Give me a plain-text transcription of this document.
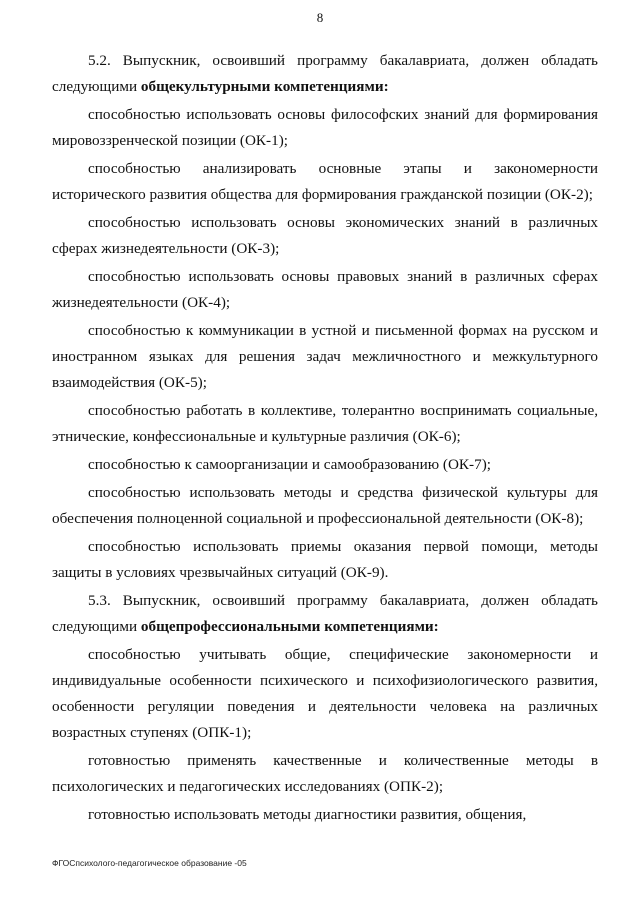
8

5.2. Выпускник, освоивший программу бакалавриата, должен обладать следующими общекультурными компетенциями:

способностью использовать основы философских знаний для формирования мировоззренческой позиции (ОК-1);

способностью анализировать основные этапы и закономерности исторического развития общества для формирования гражданской позиции (ОК-2);

способностью использовать основы экономических знаний в различных сферах жизнедеятельности (ОК-3);

способностью использовать основы правовых знаний в различных сферах жизнедеятельности (ОК-4);

способностью к коммуникации в устной и письменной формах на русском и иностранном языках для решения задач межличностного и межкультурного взаимодействия (ОК-5);

способностью работать в коллективе, толерантно воспринимать социальные, этнические, конфессиональные и культурные различия (ОК-6);

способностью к самоорганизации и самообразованию (ОК-7);

способностью использовать методы и средства физической культуры для обеспечения полноценной социальной и профессиональной деятельности (ОК-8);

способностью использовать приемы оказания первой помощи, методы защиты в условиях чрезвычайных ситуаций (ОК-9).

5.3. Выпускник, освоивший программу бакалавриата, должен обладать следующими общепрофессиональными компетенциями:

способностью учитывать общие, специфические закономерности и индивидуальные особенности психического и психофизиологического развития, особенности регуляции поведения и деятельности человека на различных возрастных ступенях (ОПК-1);

готовностью применять качественные и количественные методы в психологических и педагогических исследованиях (ОПК-2);

готовностью использовать методы диагностики развития, общения,

ФГОСпсихолого-педагогическое образование -05
